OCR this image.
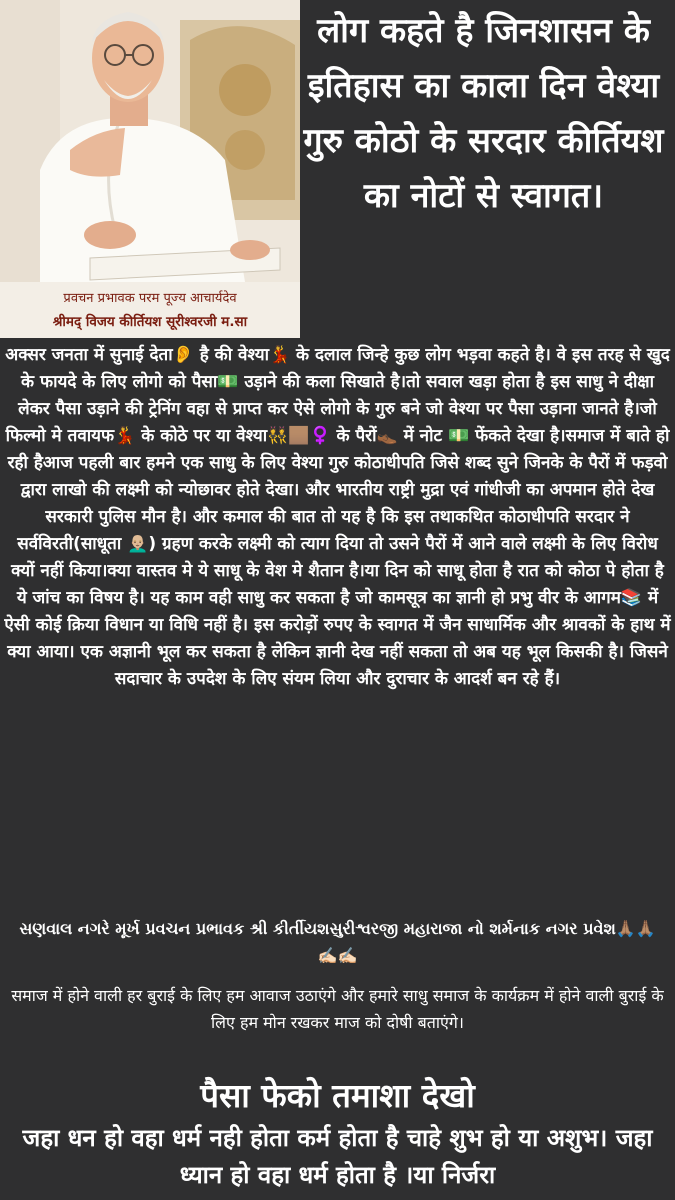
प्रवचन प्रभावक परम पूज्य आचार्यदेव
श्रीमद् विजय कीर्तियश सूरीश्वरजी म.सा
लोग कहते है जिनशासन के इतिहास का काला दिन वेश्या गुरु कोठो के सरदार कीर्तियश का नोटों से स्वागत।

अक्सर जनता में सुनाई देता👂 है की वेश्या💃 के दलाल जिन्हे कुछ लोग भड़वा कहते है। वे इस तरह से खुद के फायदे के लिए लोगो को पैसा💵 उड़ाने की कला सिखाते है।तो सवाल खड़ा होता है इस साधु ने दीक्षा लेकर पैसा उड़ाने की ट्रेनिंग वहा से प्राप्त कर ऐसे लोगो के गुरु बने जो वेश्या पर पैसा उड़ाना जानते है।जो फिल्मो मे तवायफ💃 के कोठे पर या वेश्या👯🏽‍♀️ के पैरों👞 में नोट 💵 फेंकते देखा है।समाज में बाते हो रही हैआज पहली बार हमने एक साधु के लिए वेश्या गुरु कोठाधीपति जिसे शब्द सुने जिनके के पैरों में फड़वो द्वारा लाखो की लक्ष्मी को न्योछावर होते देखा। और भारतीय राष्ट्री मुद्रा एवं गांधीजी का अपमान होते देख सरकारी पुलिस मौन है। और कमाल की बात तो यह है कि इस तथाकथित कोठाधीपति सरदार ने सर्वविरती(साधूता 👨🏼‍🦲) ग्रहण करके लक्ष्मी को त्याग दिया तो उसने पैरों में आने वाले लक्ष्मी के लिए विरोध क्यों नहीं किया।क्या वास्तव मे ये साधू के वेश मे शैतान है।या दिन को साधू होता है रात को कोठा पे होता है ये जांच का विषय है। यह काम वही साधु कर सकता है जो कामसूत्र का ज्ञानी हो प्रभु वीर के आगम📚 में ऐसी कोई क्रिया विधान या विधि नहीं है। इस करोड़ों रुपए के स्वागत में जैन साधार्मिक और श्रावकों के हाथ में क्या आया। एक अज्ञानी भूल कर सकता है लेकिन ज्ञानी देख नहीं सकता तो अब यह भूल किसकी है। जिसने सदाचार के उपदेश के लिए संयम लिया और दुराचार के आदर्श बन रहे हैं।

સણવાલ નગરે મૂર્ખ પ્રવચન પ્રભાવક શ્રી કીર્તીયશસુરીશ્વરજી મહારાજા નો શર્મનાક નગર પ્રવેશ🙏🏽🙏🏽✍🏻✍🏻

समाज में होने वाली हर बुराई के लिए हम आवाज उठाएंगे और हमारे साधु समाज के कार्यक्रम में होने वाली बुराई के लिए हम मोन रखकर माज को दोषी बताएंगे।

पैसा फेको तमाशा देखो

जहा धन हो वहा धर्म नही होता कर्म होता है चाहे शुभ हो या अशुभ। जहा ध्यान हो वहा धर्म होता है ।या निर्जरा
